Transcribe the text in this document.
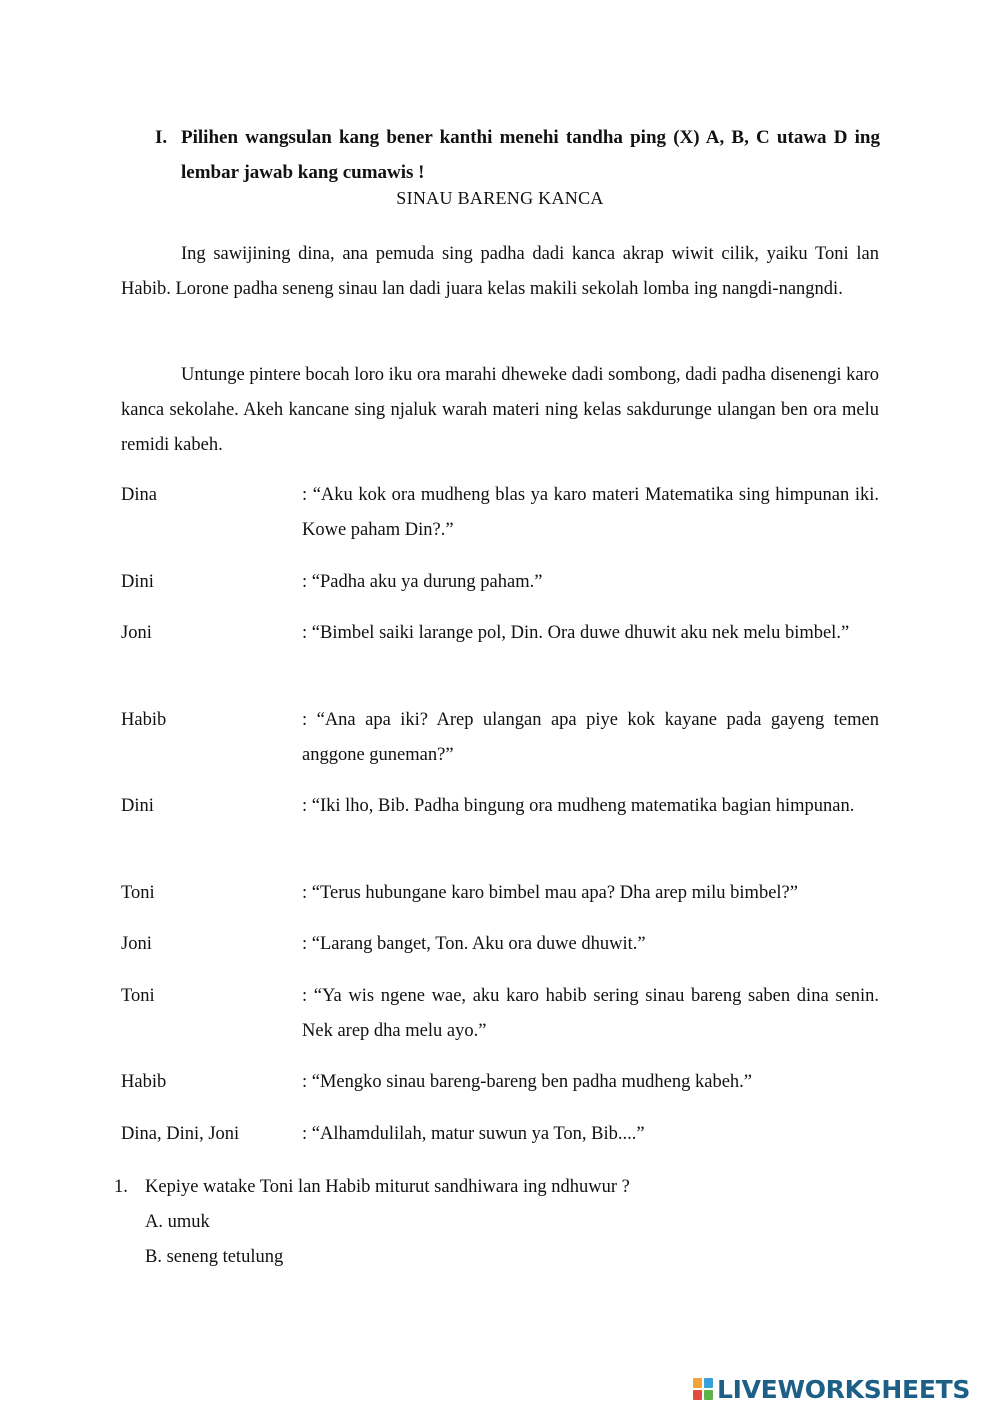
I. Pilihen wangsulan kang bener kanthi menehi tandha ping (X) A, B, C utawa D ing lembar jawab kang cumawis !
SINAU BARENG KANCA
Ing sawijining dina, ana pemuda sing padha dadi kanca akrap wiwit cilik, yaiku Toni lan Habib. Lorone padha seneng sinau lan dadi juara kelas makili sekolah lomba ing nangdi-nangndi.
Untunge pintere bocah loro iku ora marahi dheweke dadi sombong, dadi padha disenengi karo kanca sekolahe. Akeh kancane sing njaluk warah materi ning kelas sakdurunge ulangan ben ora melu remidi kabeh.
Dina	: “Aku kok ora mudheng blas ya karo materi Matematika sing himpunan iki. Kowe paham Din?.”
Dini	: “Padha aku ya durung paham.”
Joni	: “Bimbel saiki larange pol, Din. Ora duwe dhuwit aku nek melu bimbel.”
Habib	: “Ana apa iki? Arep ulangan apa piye kok kayane pada gayeng temen anggone guneman?”
Dini	: “Iki lho, Bib. Padha bingung ora mudheng matematika bagian himpunan.
Toni	: “Terus hubungane karo bimbel mau apa? Dha arep milu bimbel?”
Joni	: “Larang banget, Ton. Aku ora duwe dhuwit.”
Toni	: “Ya wis ngene wae, aku karo habib sering sinau bareng saben dina senin. Nek arep dha melu ayo.”
Habib	: “Mengko sinau bareng-bareng ben padha mudheng kabeh.”
Dina, Dini, Joni	: “Alhamdulilah, matur suwun ya Ton, Bib....”
1. Kepiye watake Toni lan Habib miturut sandhiwara ing ndhuwur ?
A. umuk
B. seneng tetulung
LIVEWORKSHEETS
